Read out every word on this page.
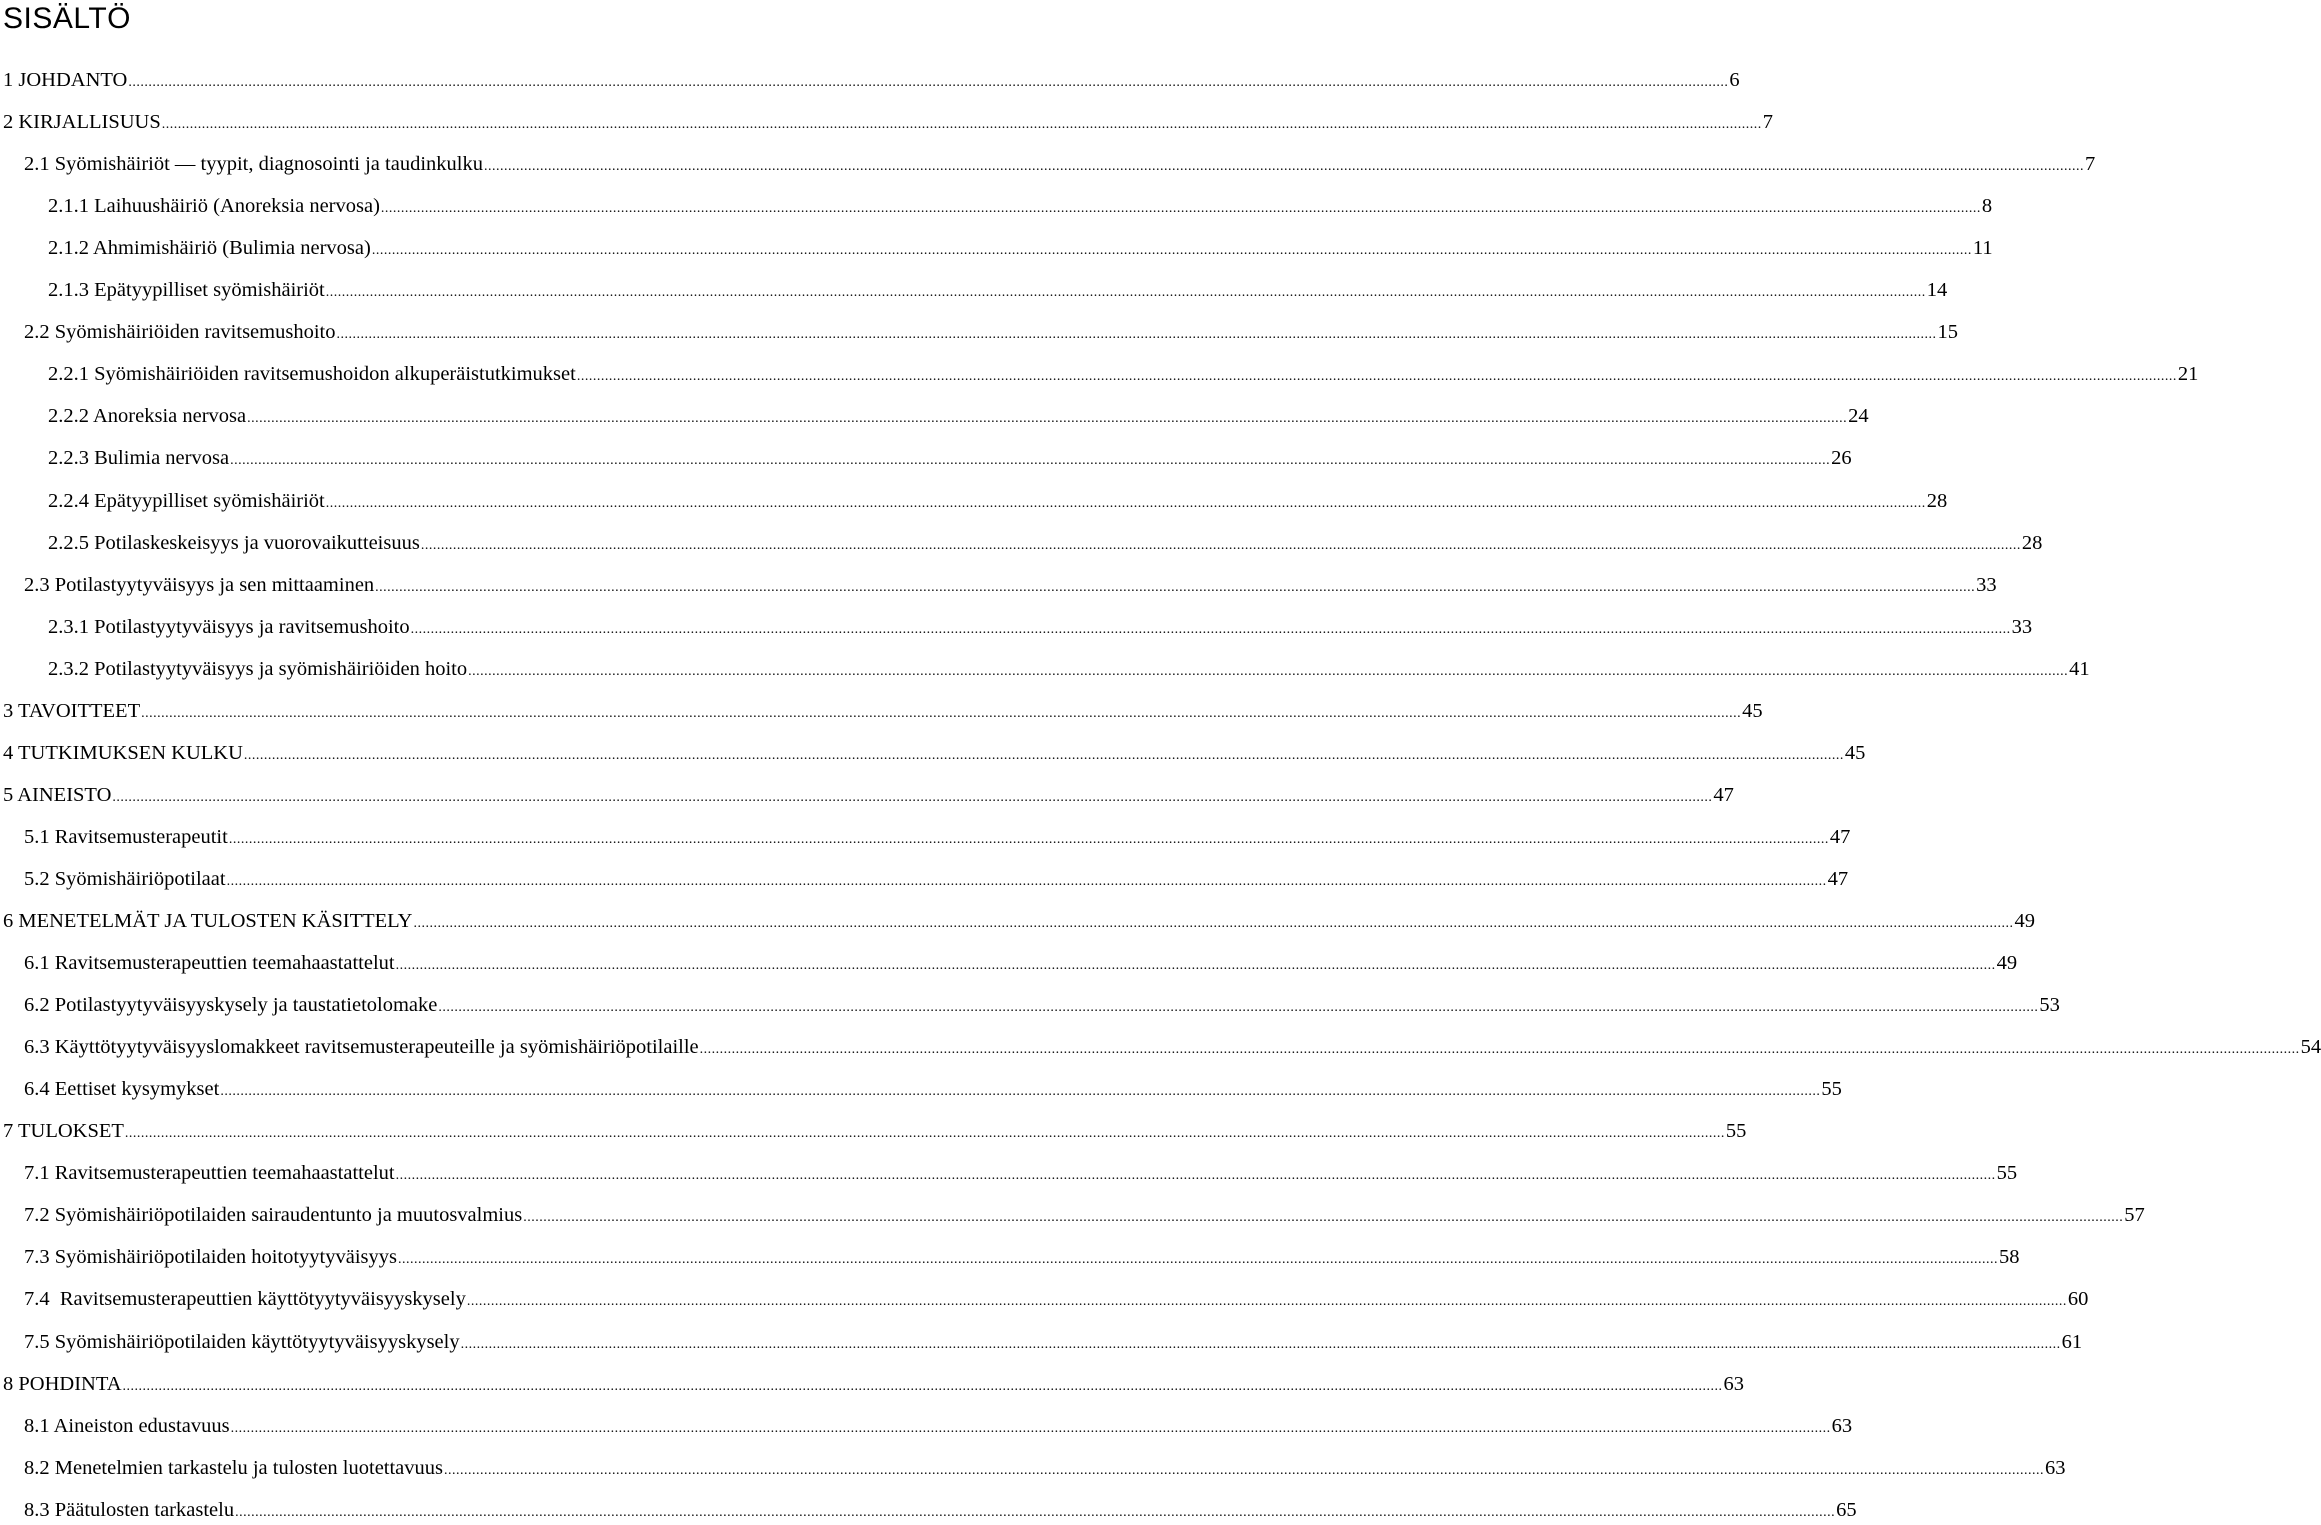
SISÄLTÖ
1 JOHDANTO ................................................................................................................................................................................................................................................................................................................................................................................................................ 6
2 KIRJALLISUUS ................................................................................................................................................................................................................................................................................................................................................................................................................ 7
2.1 Syömishäiriöt — tyypit, diagnosointi ja taudinkulku ................................................................................................................................................................................................................................................................................................................................................................................................................ 7
2.1.1 Laihuushäiriö (Anoreksia nervosa) ................................................................................................................................................................................................................................................................................................................................................................................................................ 8
2.1.2 Ahmimishäiriö (Bulimia nervosa) ................................................................................................................................................................................................................................................................................................................................................................................................................ 11
2.1.3 Epätyypilliset syömishäiriöt ................................................................................................................................................................................................................................................................................................................................................................................................................ 14
2.2 Syömishäiriöiden ravitsemushoito ................................................................................................................................................................................................................................................................................................................................................................................................................ 15
2.2.1 Syömishäiriöiden ravitsemushoidon alkuperäistutkimukset ................................................................................................................................................................................................................................................................................................................................................................................................................ 21
2.2.2 Anoreksia nervosa ................................................................................................................................................................................................................................................................................................................................................................................................................ 24
2.2.3 Bulimia nervosa ................................................................................................................................................................................................................................................................................................................................................................................................................ 26
2.2.4 Epätyypilliset syömishäiriöt ................................................................................................................................................................................................................................................................................................................................................................................................................ 28
2.2.5 Potilaskeskeisyys ja vuorovaikutteisuus ................................................................................................................................................................................................................................................................................................................................................................................................................ 28
2.3 Potilastyytyväisyys ja sen mittaaminen ................................................................................................................................................................................................................................................................................................................................................................................................................ 33
2.3.1 Potilastyytyväisyys ja ravitsemushoito ................................................................................................................................................................................................................................................................................................................................................................................................................ 33
2.3.2 Potilastyytyväisyys ja syömishäiriöiden hoito ................................................................................................................................................................................................................................................................................................................................................................................................................ 41
3 TAVOITTEET ................................................................................................................................................................................................................................................................................................................................................................................................................ 45
4 TUTKIMUKSEN KULKU ................................................................................................................................................................................................................................................................................................................................................................................................................ 45
5 AINEISTO ................................................................................................................................................................................................................................................................................................................................................................................................................ 47
5.1 Ravitsemusterapeutit ................................................................................................................................................................................................................................................................................................................................................................................................................ 47
5.2 Syömishäiriöpotilaat ................................................................................................................................................................................................................................................................................................................................................................................................................ 47
6 MENETELMÄT JA TULOSTEN KÄSITTELY ................................................................................................................................................................................................................................................................................................................................................................................................................ 49
6.1 Ravitsemusterapeuttien teemahaastattelut ................................................................................................................................................................................................................................................................................................................................................................................................................ 49
6.2 Potilastyytyväisyyskysely ja taustatietolomake ................................................................................................................................................................................................................................................................................................................................................................................................................ 53
6.3 Käyttötyytyväisyyslomakkeet ravitsemusterapeuteille ja syömishäiriöpotilaille ................................................................................................................................................................................................................................................................................................................................................................................................................ 54
6.4 Eettiset kysymykset ................................................................................................................................................................................................................................................................................................................................................................................................................ 55
7 TULOKSET ................................................................................................................................................................................................................................................................................................................................................................................................................ 55
7.1 Ravitsemusterapeuttien teemahaastattelut ................................................................................................................................................................................................................................................................................................................................................................................................................ 55
7.2 Syömishäiriöpotilaiden sairaudentunto ja muutosvalmius ................................................................................................................................................................................................................................................................................................................................................................................................................ 57
7.3 Syömishäiriöpotilaiden hoitotyytyväisyys ................................................................................................................................................................................................................................................................................................................................................................................................................ 58
7.4  Ravitsemusterapeuttien käyttötyytyväisyyskysely ................................................................................................................................................................................................................................................................................................................................................................................................................ 60
7.5 Syömishäiriöpotilaiden käyttötyytyväisyyskysely ................................................................................................................................................................................................................................................................................................................................................................................................................ 61
8 POHDINTA ................................................................................................................................................................................................................................................................................................................................................................................................................ 63
8.1 Aineiston edustavuus ................................................................................................................................................................................................................................................................................................................................................................................................................ 63
8.2 Menetelmien tarkastelu ja tulosten luotettavuus ................................................................................................................................................................................................................................................................................................................................................................................................................ 63
8.3 Päätulosten tarkastelu ................................................................................................................................................................................................................................................................................................................................................................................................................ 65
